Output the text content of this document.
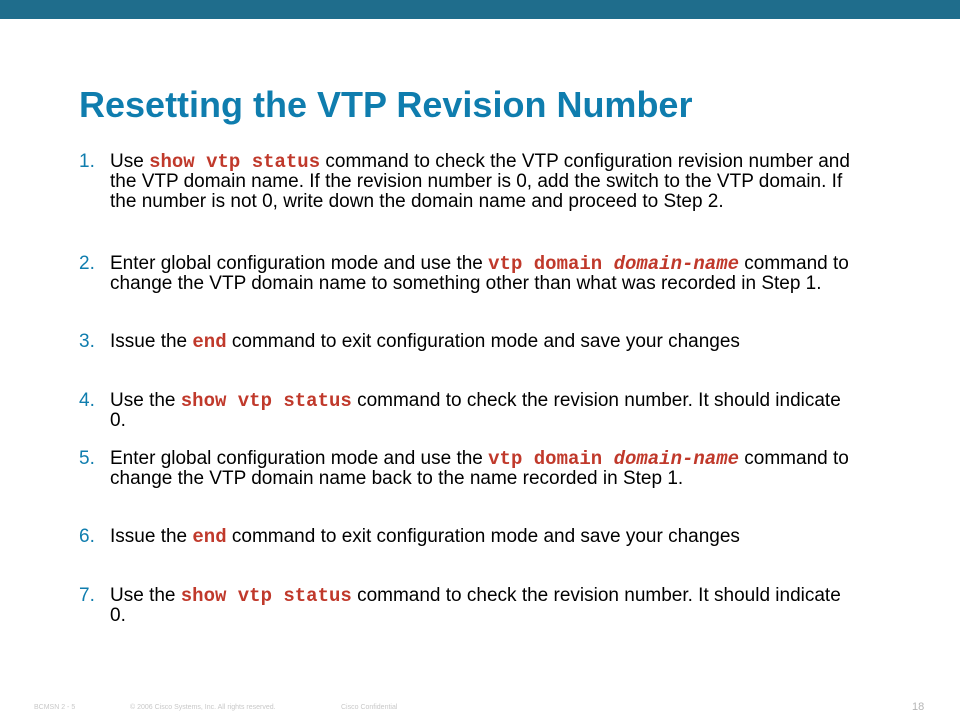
Resetting the VTP Revision Number
1. Use show vtp status command to check the VTP configuration revision number and the VTP domain name. If the revision number is 0, add the switch to the VTP domain. If the number is not 0, write down the domain name and proceed to Step 2.
2. Enter global configuration mode and use the vtp domain domain-name command to change the VTP domain name to something other than what was recorded in Step 1.
3. Issue the end command to exit configuration mode and save your changes
4. Use the show vtp status command to check the revision number. It should indicate 0.
5. Enter global configuration mode and use the vtp domain domain-name command to change the VTP domain name back to the name recorded in Step 1.
6. Issue the end command to exit configuration mode and save your changes
7. Use the show vtp status command to check the revision number. It should indicate 0.
BCMSN 2 - 5	© 2006 Cisco Systems, Inc. All rights reserved.	Cisco Confidential	18
